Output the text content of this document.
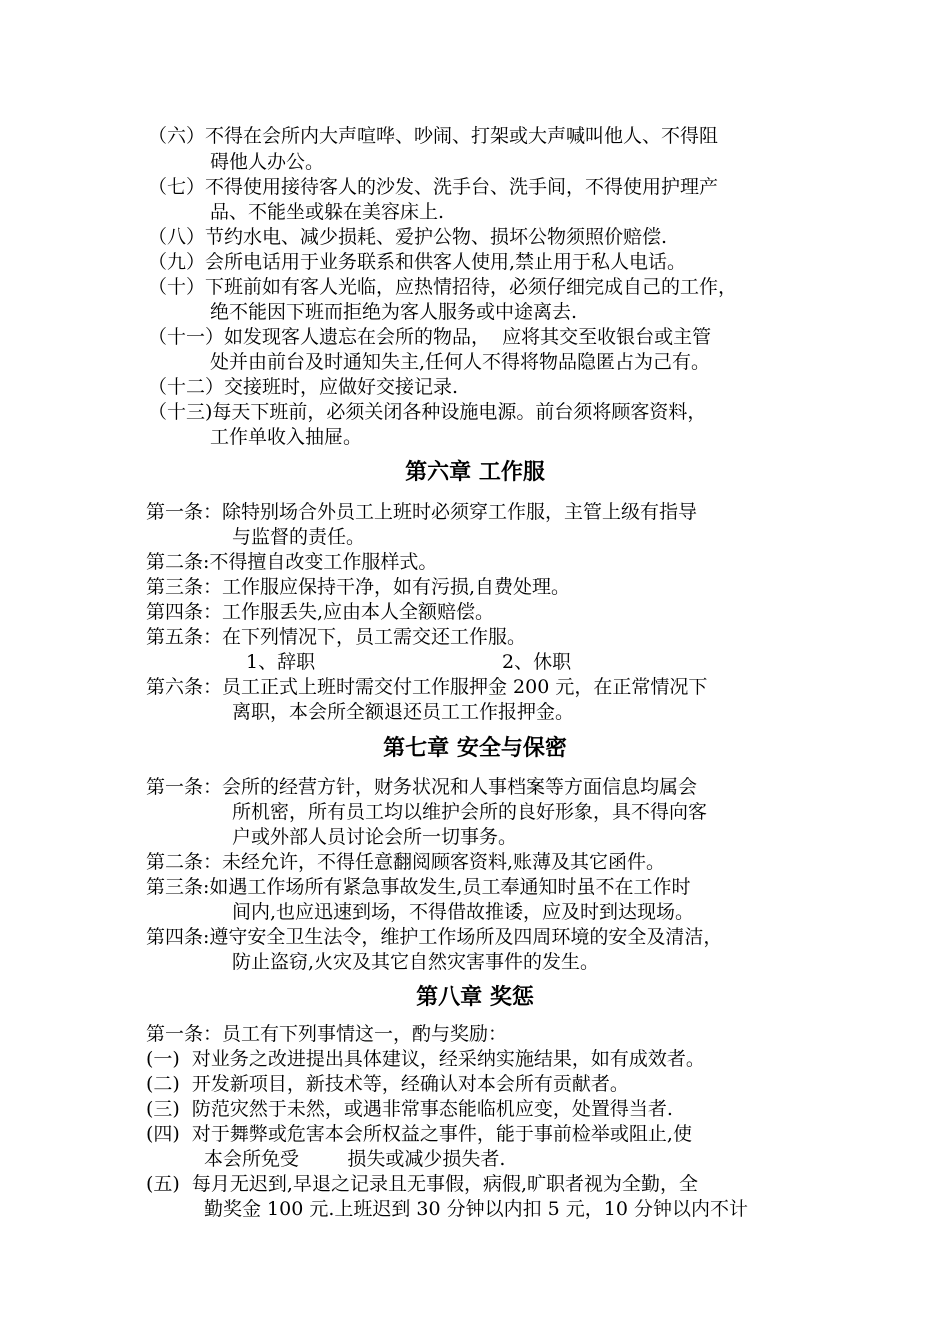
（六）不得在会所内大声喧哗、吵闹、打架或大声喊叫他人、不得阻
碍他人办公。
（七）不得使用接待客人的沙发、洗手台、洗手间，不得使用护理产
品、不能坐或躲在美容床上.
（八）节约水电、减少损耗、爱护公物、损坏公物须照价赔偿.
（九）会所电话用于业务联系和供客人使用,禁止用于私人电话。
（十）下班前如有客人光临，应热情招待，必须仔细完成自己的工作，
绝不能因下班而拒绝为客人服务或中途离去.
（十一）如发现客人遗忘在会所的物品，  应将其交至收银台或主管
处并由前台及时通知失主,任何人不得将物品隐匿占为己有。
（十二）交接班时，应做好交接记录.
（十三)每天下班前，必须关闭各种设施电源。前台须将顾客资料，
工作单收入抽屉。
第六章 工作服
第一条：除特别场合外员工上班时必须穿工作服，主管上级有指导
与监督的责任。
第二条:不得擅自改变工作服样式。
第三条：工作服应保持干净，如有污损,自费处理。
第四条：工作服丢失,应由本人全额赔偿。
第五条：在下列情况下，员工需交还工作服。
1、辞职	2、休职
第六条：员工正式上班时需交付工作服押金 200 元，在正常情况下
离职，本会所全额退还员工工作报押金。
第七章 安全与保密
第一条：会所的经营方针，财务状况和人事档案等方面信息均属会
所机密，所有员工均以维护会所的良好形象，具不得向客
户或外部人员讨论会所一切事务。
第二条：未经允许，不得任意翻阅顾客资料,账薄及其它函件。
第三条:如遇工作场所有紧急事故发生,员工奉通知时虽不在工作时
间内,也应迅速到场，不得借故推诿，应及时到达现场。
第四条:遵守安全卫生法令，维护工作场所及四周环境的安全及清洁，
防止盗窃,火灾及其它自然灾害事件的发生。
第八章 奖惩
第一条：员工有下列事情这一，酌与奖励：
(一)  对业务之改进提出具体建议，经采纳实施结果，如有成效者。
(二)  开发新项目，新技术等，经确认对本会所有贡献者。
(三)  防范灾然于未然，或遇非常事态能临机应变，处置得当者.
(四)  对于舞弊或危害本会所权益之事件，能于事前检举或阻止,使
本会所免受        损失或减少损失者.
(五)  每月无迟到,早退之记录且无事假，病假,旷职者视为全勤，全
勤奖金 100 元.上班迟到 30 分钟以内扣 5 元，10 分钟以内不计
